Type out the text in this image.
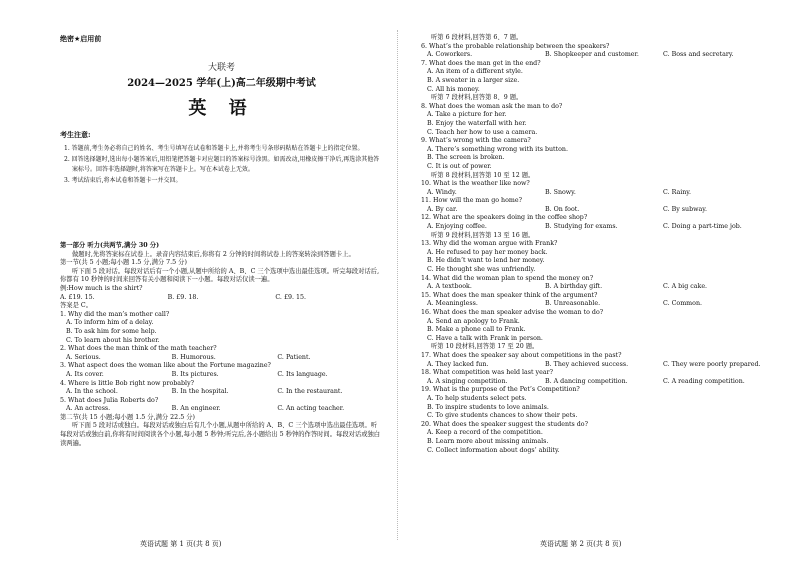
绝密★启用前
大联考
2024—2025 学年(上)高二年级期中考试
英 语
考生注意:

1. 答题前,考生务必将自己的姓名、考生号填写在试卷和答题卡上,并将考生号条形码粘贴在答题卡上的指定位置。

2. 回答选择题时,选出每小题答案后,用铅笔把答题卡对应题目的答案标号涂黑。如需改动,用橡皮擦干净后,再选涂其他答案标号。回答非选择题时,将答案写在答题卡上。写在本试卷上无效。

3. 考试结束后,将本试卷和答题卡一并交回。

第一部分 听力(共两节,满分 30 分)

做题时,先将答案标在试卷上。录音内容结束后,你将有 2 分钟的时间将试卷上的答案转涂到答题卡上。

第一节(共 5 小题;每小题 1.5 分,满分 7.5 分)

听下面 5 段对话。每段对话后有一个小题,从题中所给的 A、B、C 三个选项中选出最佳选项。听完每段对话后,你都有 10 秒钟的时间来回答有关小题和阅读下一小题。每段对话仅读一遍。

例:How much is the shirt?

A. £19. 15.	B. £9. 18.	C. £9. 15.

答案是 C。

1. Why did the man’s mother call?

A. To inform him of a delay.
B. To ask him for some help.
C. To learn about his brother.

2. What does the man think of the math teacher?

A. Serious.	B. Humorous.	C. Patient.

3. What aspect does the woman like about the Fortune magazine?

A. Its cover.	B. Its pictures.	C. Its language.

4. Where is little Bob right now probably?

A. In the school.	B. In the hospital.	C. In the restaurant.

5. What does Julia Roberts do?

A. An actress.	B. An engineer.	C. An acting teacher.

第二节(共 15 小题;每小题 1.5 分,满分 22.5 分)

听下面 5 段对话或独白。每段对话或独白后有几个小题,从题中所给的 A、B、C 三个选项中选出最佳选项。听每段对话或独白前,你将有时间阅读各个小题,每小题 5 秒钟;听完后,各小题给出 5 秒钟的作答时间。每段对话或独白读两遍。

听第 6 段材料,回答第 6、7 题。

6. What’s the probable relationship between the speakers?

A. Coworkers.	B. Shopkeeper and customer.	C. Boss and secretary.

7. What does the man get in the end?

A. An item of a different style.
B. A sweater in a larger size.
C. All his money.

听第 7 段材料,回答第 8、9 题。

8. What does the woman ask the man to do?

A. Take a picture for her.
B. Enjoy the waterfall with her.
C. Teach her how to use a camera.

9. What’s wrong with the camera?

A. There’s something wrong with its button.
B. The screen is broken.
C. It is out of power.

听第 8 段材料,回答第 10 至 12 题。

10. What is the weather like now?

A. Windy.	B. Snowy.	C. Rainy.

11. How will the man go home?

A. By car.	B. On foot.	C. By subway.

12. What are the speakers doing in the coffee shop?

A. Enjoying coffee.	B. Studying for exams.	C. Doing a part-time job.

听第 9 段材料,回答第 13 至 16 题。

13. Why did the woman argue with Frank?

A. He refused to pay her money back.
B. He didn’t want to lend her money.
C. He thought she was unfriendly.

14. What did the woman plan to spend the money on?

A. A textbook.	B. A birthday gift.	C. A big cake.

15. What does the man speaker think of the argument?

A. Meaningless.	B. Unreasonable.	C. Common.

16. What does the man speaker advise the woman to do?

A. Send an apology to Frank.
B. Make a phone call to Frank.
C. Have a talk with Frank in person.

听第 10 段材料,回答第 17 至 20 题。

17. What does the speaker say about competitions in the past?

A. They lacked fun.	B. They achieved success.	C. They were poorly prepared.

18. What competition was held last year?

A. A singing competition.	B. A dancing competition.	C. A reading competition.

19. What is the purpose of the Pet’s Competition?

A. To help students select pets.
B. To inspire students to love animals.
C. To give students chances to show their pets.

20. What does the speaker suggest the students do?

A. Keep a record of the competition.
B. Learn more about missing animals.
C. Collect information about dogs’ ability.
英语试题 第 1 页(共 8 页)	英语试题 第 2 页(共 8 页)
